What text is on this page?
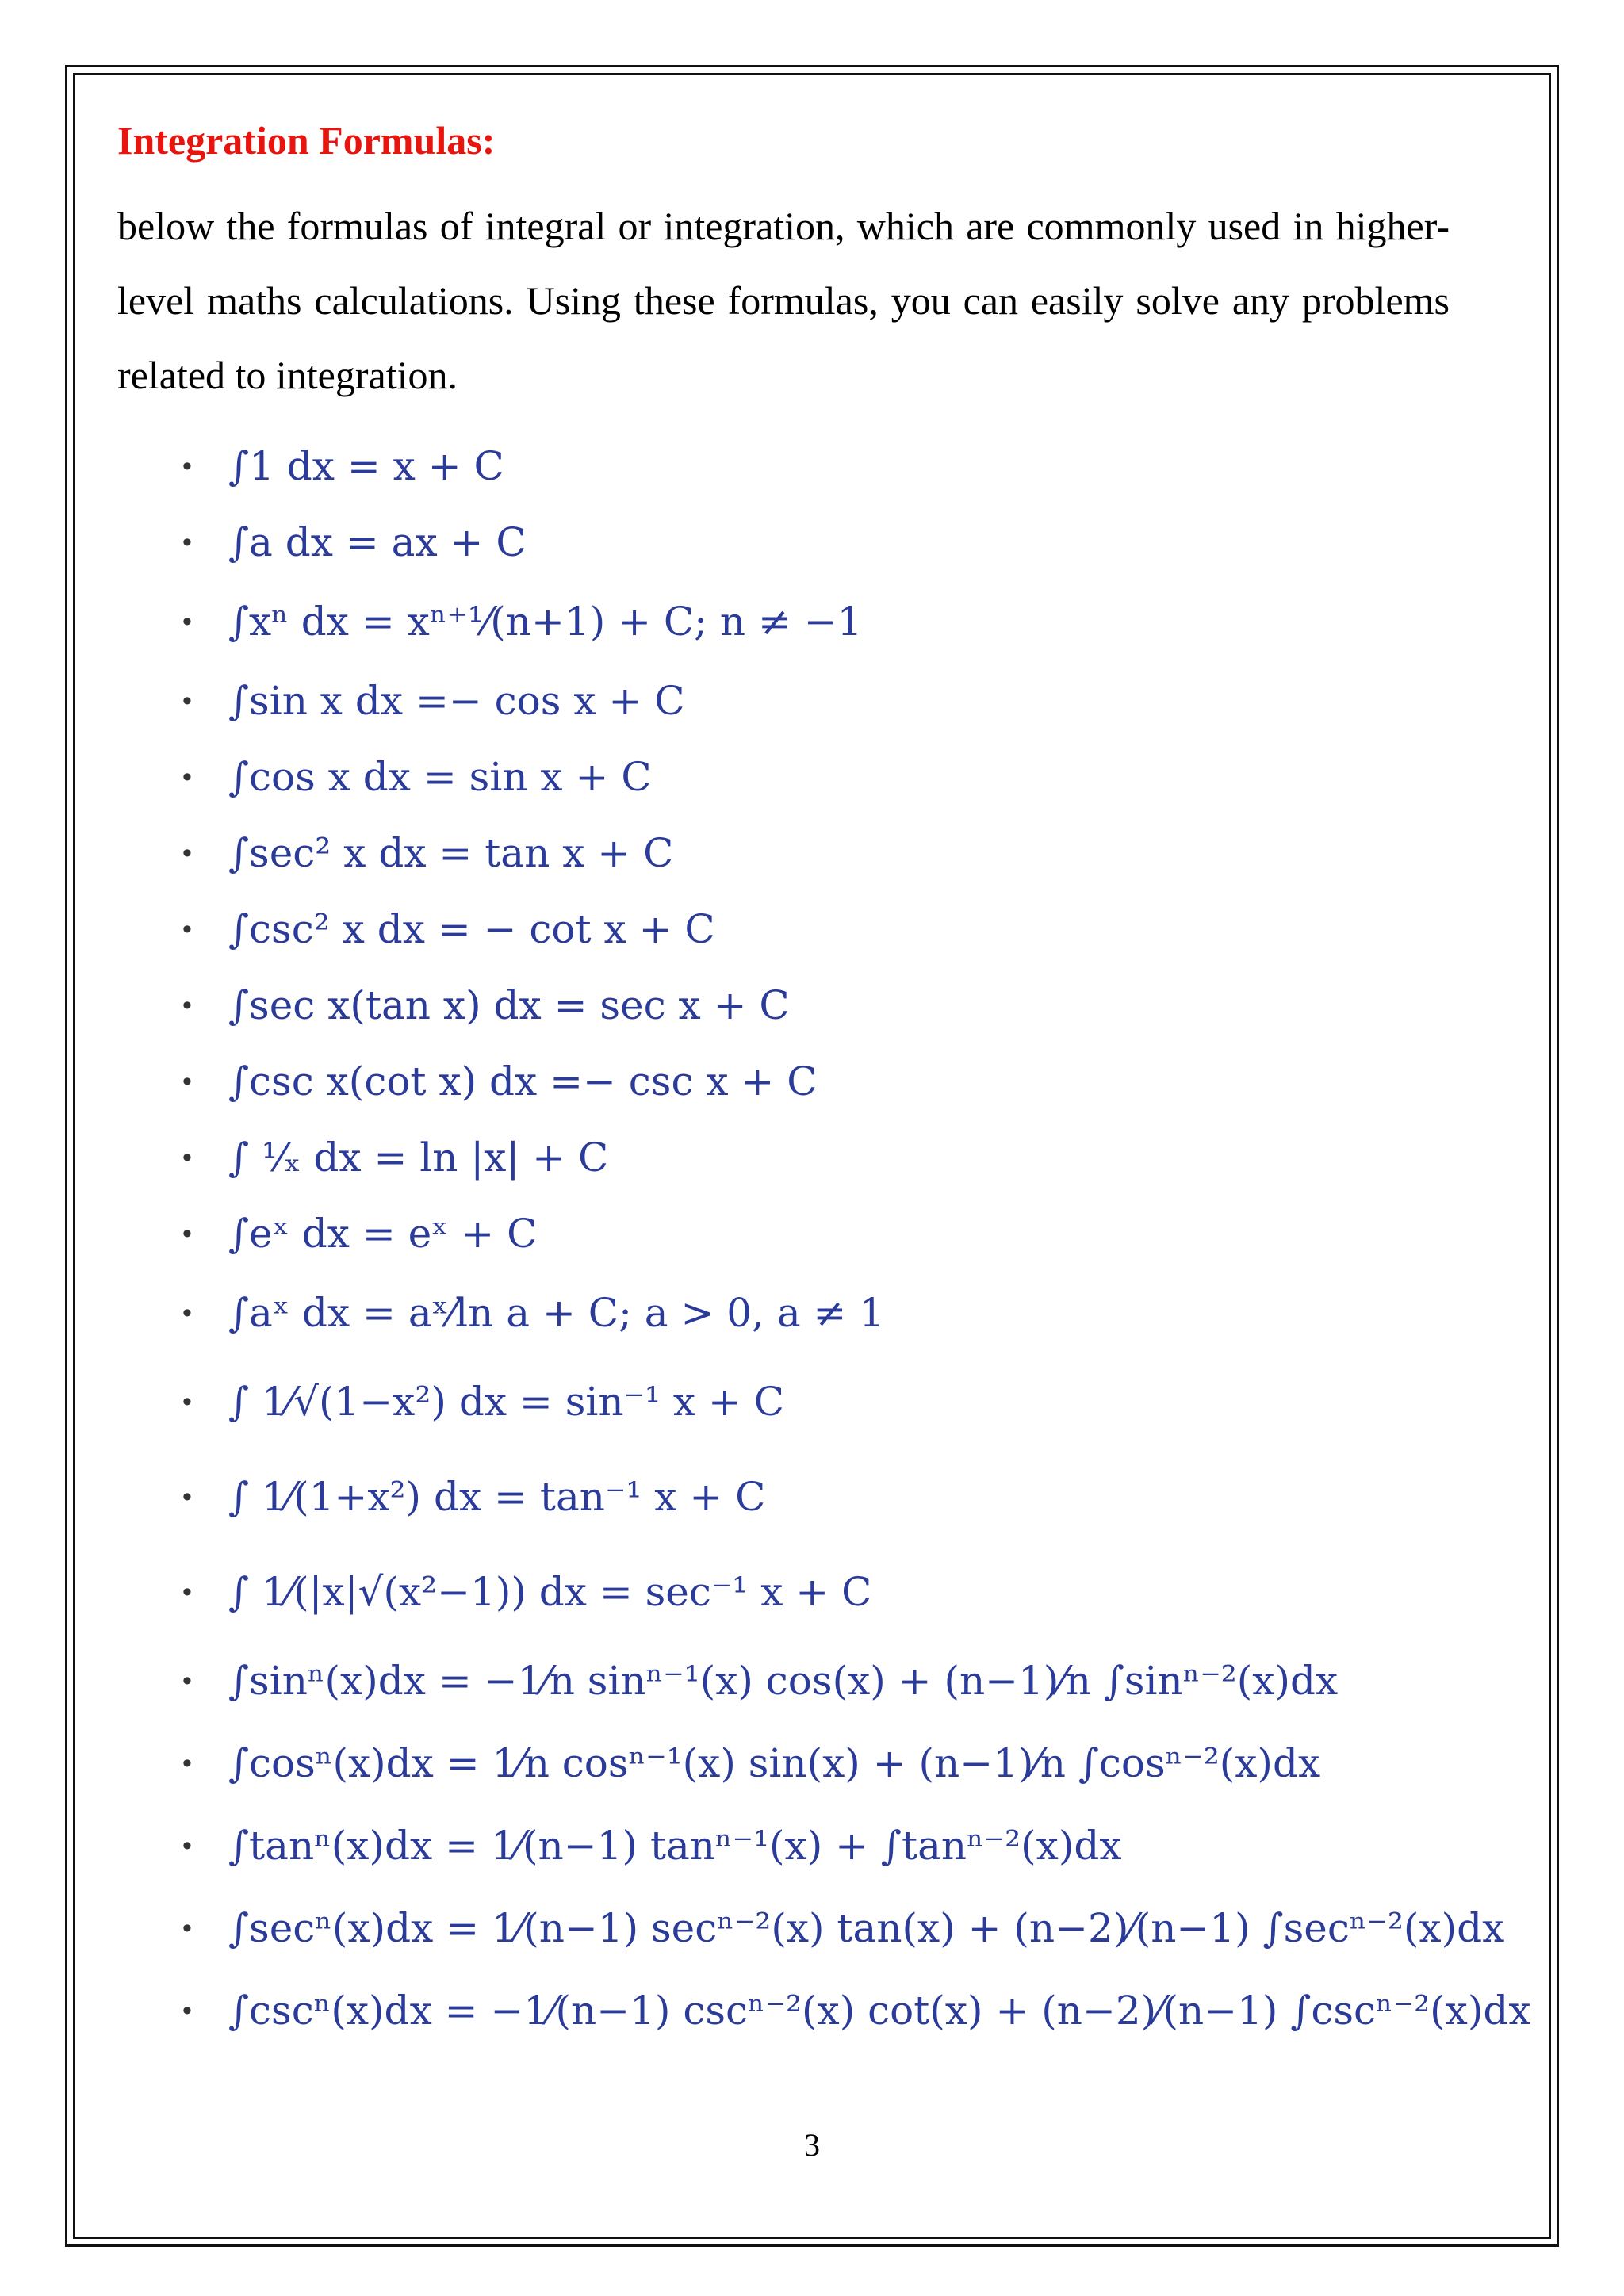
Integration Formulas:
below the formulas of integral or integration, which are commonly used in higher-level maths calculations. Using these formulas, you can easily solve any problems related to integration.
• ∫1 dx = x + C
• ∫a dx = ax + C
• ∫xⁿ dx = xⁿ⁺¹⁄(n+1) + C; n ≠ −1
• ∫sin x dx =− cos x + C
• ∫cos x dx = sin x + C
• ∫sec² x dx = tan x + C
• ∫csc² x dx = − cot x + C
• ∫sec x(tan x) dx = sec x + C
• ∫csc x(cot x) dx =− csc x + C
• ∫ ¹⁄ₓ dx = ln |x| + C
• ∫eˣ dx = eˣ + C
• ∫aˣ dx = aˣ⁄ln a + C; a > 0, a ≠ 1
• ∫ 1⁄√(1−x²) dx = sin⁻¹ x + C
• ∫ 1⁄(1+x²) dx = tan⁻¹ x + C
• ∫ 1⁄(|x|√(x²−1)) dx = sec⁻¹ x + C
• ∫sinⁿ(x)dx = −1⁄n sinⁿ⁻¹(x) cos(x) + (n−1)⁄n ∫sinⁿ⁻²(x)dx
• ∫cosⁿ(x)dx = 1⁄n cosⁿ⁻¹(x) sin(x) + (n−1)⁄n ∫cosⁿ⁻²(x)dx
• ∫tanⁿ(x)dx = 1⁄(n−1) tanⁿ⁻¹(x) + ∫tanⁿ⁻²(x)dx
• ∫secⁿ(x)dx = 1⁄(n−1) secⁿ⁻²(x) tan(x) + (n−2)⁄(n−1) ∫secⁿ⁻²(x)dx
• ∫cscⁿ(x)dx = −1⁄(n−1) cscⁿ⁻²(x) cot(x) + (n−2)⁄(n−1) ∫cscⁿ⁻²(x)dx
3
